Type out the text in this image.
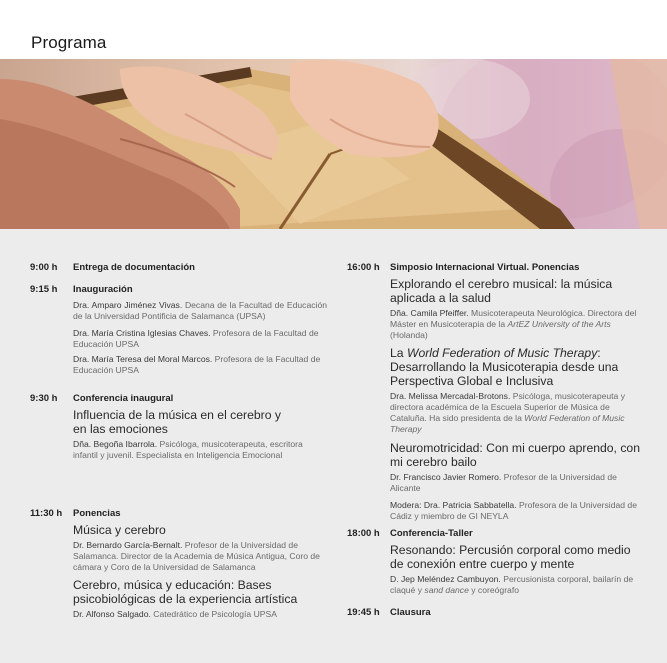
Programa
9:00 h Entrega de documentación
9:15 h Inauguración
Dra. Amparo Jiménez Vivas. Decana de la Facultad de Educación de la Universidad Pontificia de Salamanca (UPSA)
Dra. María Cristina Iglesias Chaves. Profesora de la Facultad de Educación UPSA
Dra. María Teresa del Moral Marcos. Profesora de la Facultad de Educación UPSA
9:30 h Conferencia inaugural
Influencia de la música en el cerebro y en las emociones
Dña. Begoña Ibarrola. Psicóloga, musicoterapeuta, escritora infantil y juvenil. Especialista en Inteligencia Emocional
11:30 h Ponencias
Música y cerebro
Dr. Bernardo García-Bernalt. Profesor de la Universidad de Salamanca. Director de la Academia de Música Antigua, Coro de cámara y Coro de la Universidad de Salamanca
Cerebro, música y educación: Bases psicobiológicas de la experiencia artística
Dr. Alfonso Salgado. Catedrático de Psicología UPSA
16:00 h Simposio Internacional Virtual. Ponencias
Explorando el cerebro musical: la música aplicada a la salud
Dña. Camila Pfeiffer. Musicoterapeuta Neurológica. Directora del Máster en Musicoterapia de la ArtEZ University of the Arts (Holanda)
La World Federation of Music Therapy: Desarrollando la Musicoterapia desde una Perspectiva Global e Inclusiva
Dra. Melissa Mercadal-Brotons. Psicóloga, musicoterapeuta y directora académica de la Escuela Superior de Música de Cataluña. Ha sido presidenta de la World Federation of Music Therapy
Neuromotricidad: Con mi cuerpo aprendo, con mi cerebro bailo
Dr. Francisco Javier Romero. Profesor de la Universidad de Alicante
Modera: Dra. Patricia Sabbatella. Profesora de la Universidad de Cádiz y miembro de GI NEYLA
18:00 h Conferencia-Taller
Resonando: Percusión corporal como medio de conexión entre cuerpo y mente
D. Jep Meléndez Cambuyon. Percusionista corporal, bailarín de claqué y sand dance y coreógrafo
19:45 h Clausura
